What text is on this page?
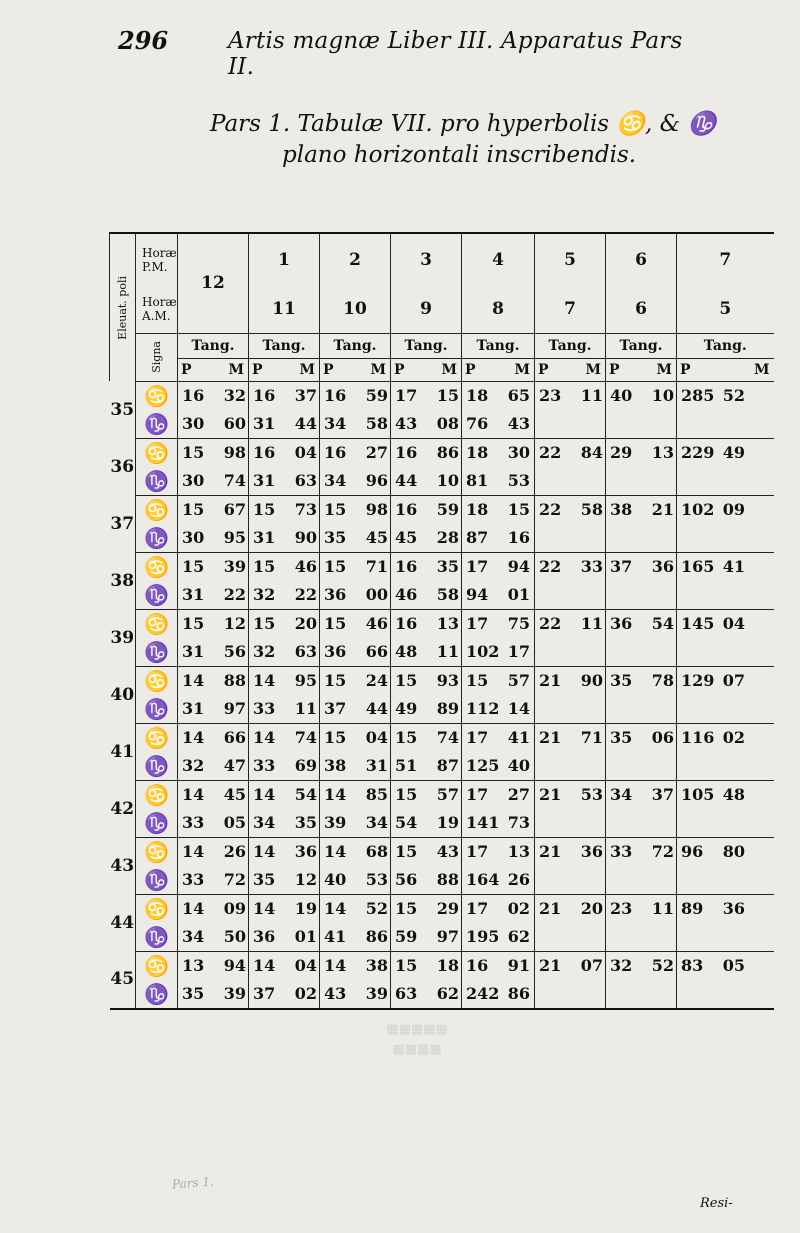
296	Artis magnæ Liber III. Apparatus Pars II.
Pars 1. Tabulæ VII. pro hyperbolis ♋, & ♑
plano horizontali inscribendis.
Eleuat. poli	Horæ P.M.	12	1	2	3	4	5	6	7
	Horæ A.M.		11	10	9	8	7	6	5

	Signa	Tang.	Tang.	Tang.	Tang.	Tang.	Tang.	Tang.	Tang.

		P M	P M	P M	P M	P M	P M	P M	P M

35	♋	16 32	16 37	16 59	17 15	18 65	23 11	40 10	285 52
	♑	30 60	31 44	34 58	43 08	76 43			
36	♋	15 98	16 04	16 27	16 86	18 30	22 84	29 13	229 49
	♑	30 74	31 63	34 96	44 10	81 53			
37	♋	15 67	15 73	15 98	16 59	18 15	22 58	38 21	102 09
	♑	30 95	31 90	35 45	45 28	87 16			
38	♋	15 39	15 46	15 71	16 35	17 94	22 33	37 36	165 41
	♑	31 22	32 22	36 00	46 58	94 01			
39	♋	15 12	15 20	15 46	16 13	17 75	22 11	36 54	145 04
	♑	31 56	32 63	36 66	48 11	102 17			
40	♋	14 88	14 95	15 24	15 93	15 57	21 90	35 78	129 07
	♑	31 97	33 11	37 44	49 89	112 14			
41	♋	14 66	14 74	15 04	15 74	17 41	21 71	35 06	116 02
	♑	32 47	33 69	38 31	51 87	125 40			
42	♋	14 45	14 54	14 85	15 57	17 27	21 53	34 37	105 48
	♑	33 05	34 35	39 34	54 19	141 73			
43	♋	14 26	14 36	14 68	15 43	17 13	21 36	33 72	96 80
	♑	33 72	35 12	40 53	56 88	164 26			
44	♋	14 09	14 19	14 52	15 29	17 02	21 20	23 11	89 36
	♑	34 50	36 01	41 86	59 97	195 62			
45	♋	13 94	14 04	14 38	15 18	16 91	21 07	32 52	83 05
	♑	35 39	37 02	43 39	63 62	242 86			
▦▦▦▦▦
▦▦▦▦
Pars 1.
Resi-
